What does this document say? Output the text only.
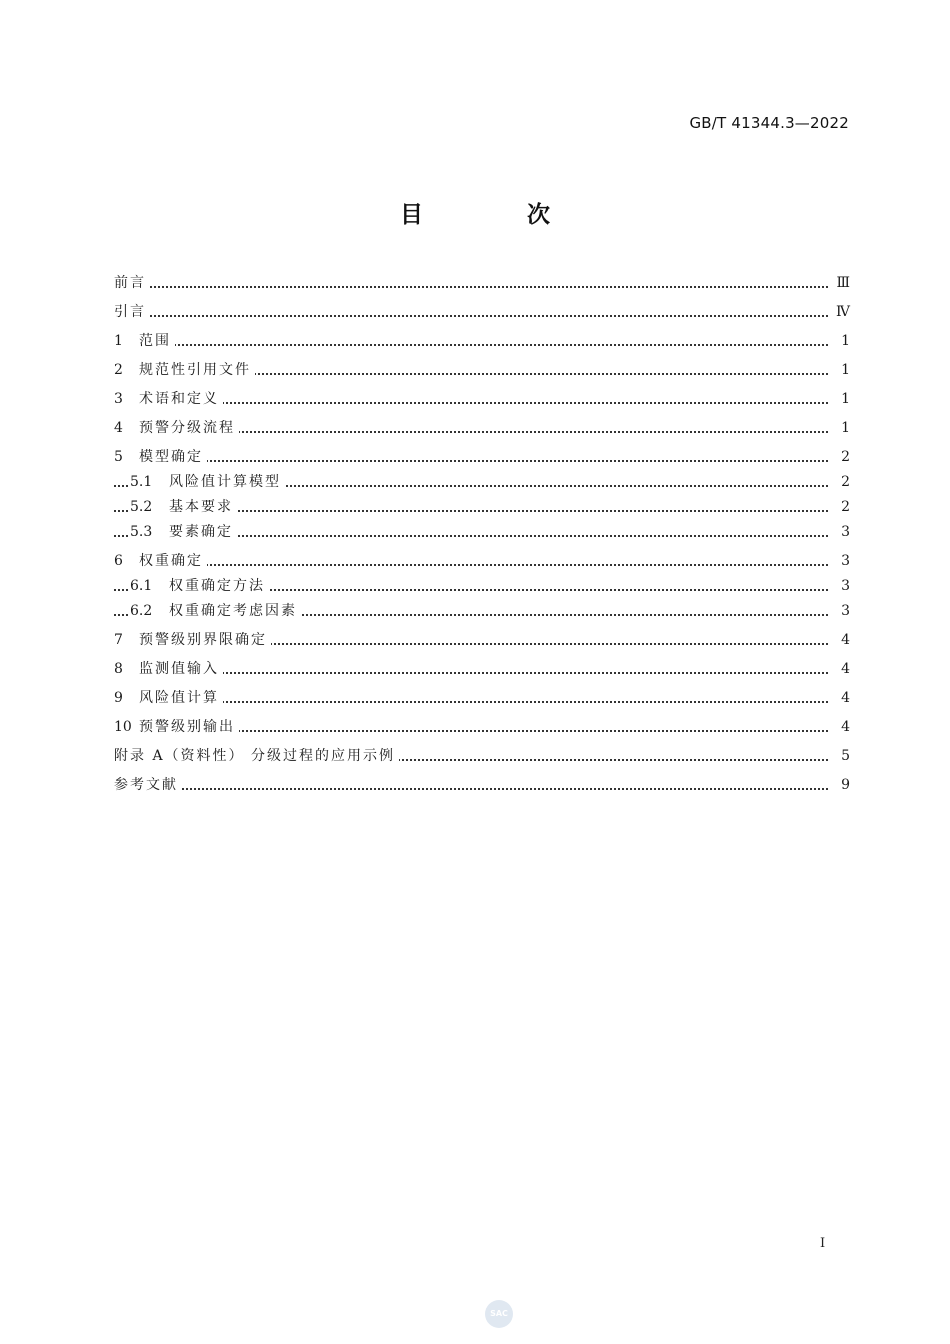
GB/T 41344.3—2022
目 次
前言	Ⅲ
引言	Ⅳ
1 范围	1
2 规范性引用文件	1
3 术语和定义	1
4 预警分级流程	1
5 模型确定	2
5.1 风险值计算模型	2
5.2 基本要求	2
5.3 要素确定	3
6 权重确定	3
6.1 权重确定方法	3
6.2 权重确定考虑因素	3
7 预警级别界限确定	4
8 监测值输入	4
9 风险值计算	4
10 预警级别输出	4
附录 A（资料性） 分级过程的应用示例	5
参考文献	9
I
SAC
